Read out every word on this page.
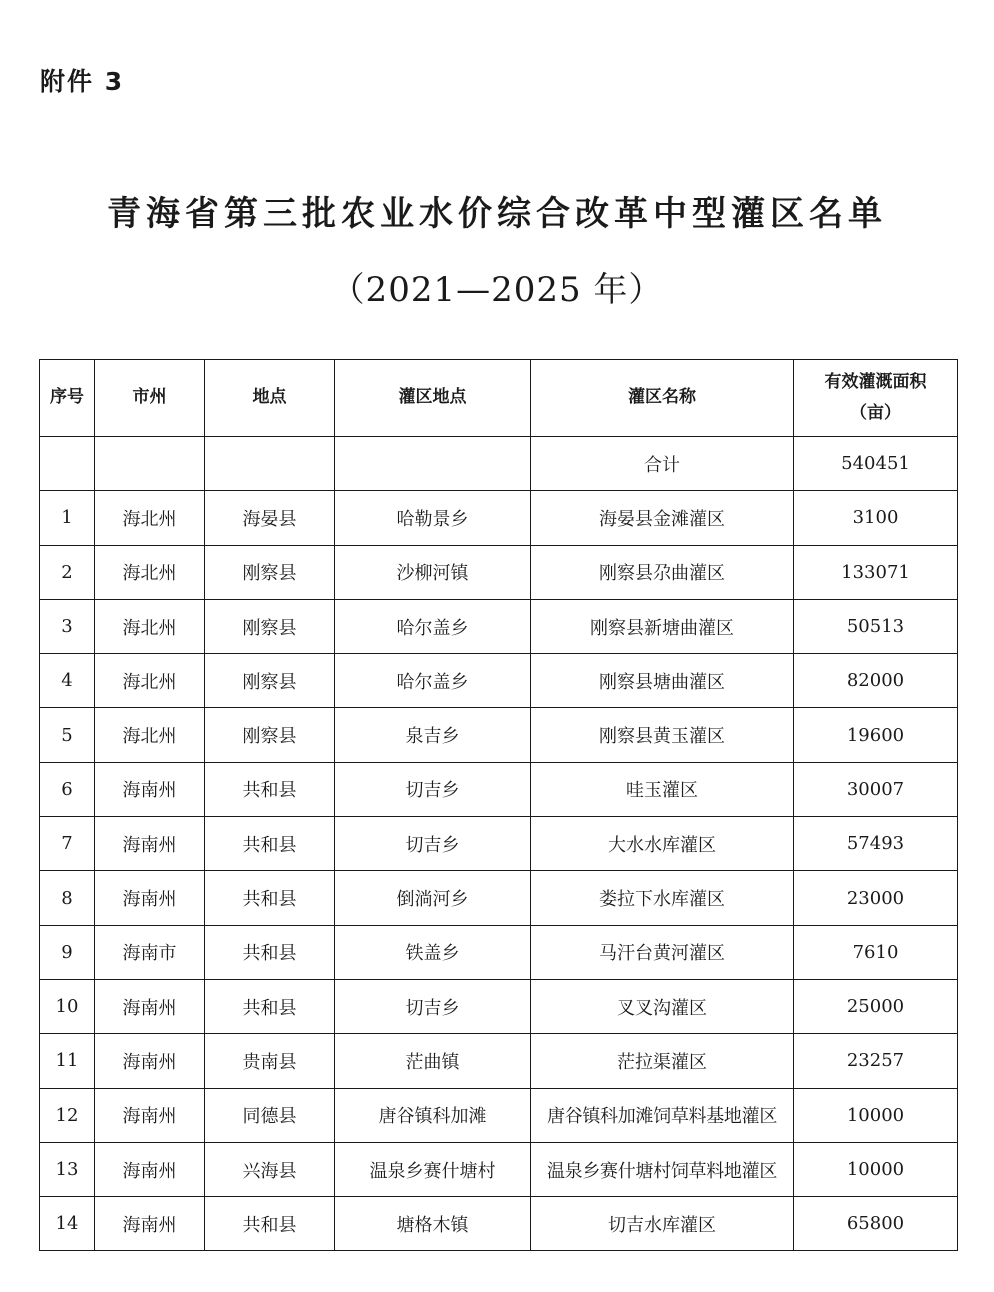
附件 3
青海省第三批农业水价综合改革中型灌区名单
（2021—2025 年）
序号	市州	地点	灌区地点	灌区名称	有效灌溉面积
（亩）
				合计	540451
1	海北州	海晏县	哈勒景乡	海晏县金滩灌区	3100
2	海北州	刚察县	沙柳河镇	刚察县尕曲灌区	133071
3	海北州	刚察县	哈尔盖乡	刚察县新塘曲灌区	50513
4	海北州	刚察县	哈尔盖乡	刚察县塘曲灌区	82000
5	海北州	刚察县	泉吉乡	刚察县黄玉灌区	19600
6	海南州	共和县	切吉乡	哇玉灌区	30007
7	海南州	共和县	切吉乡	大水水库灌区	57493
8	海南州	共和县	倒淌河乡	娄拉下水库灌区	23000
9	海南市	共和县	铁盖乡	马汗台黄河灌区	7610
10	海南州	共和县	切吉乡	叉叉沟灌区	25000
11	海南州	贵南县	茫曲镇	茫拉渠灌区	23257
12	海南州	同德县	唐谷镇科加滩	唐谷镇科加滩饲草料基地灌区	10000
13	海南州	兴海县	温泉乡赛什塘村	温泉乡赛什塘村饲草料地灌区	10000
14	海南州	共和县	塘格木镇	切吉水库灌区	65800
